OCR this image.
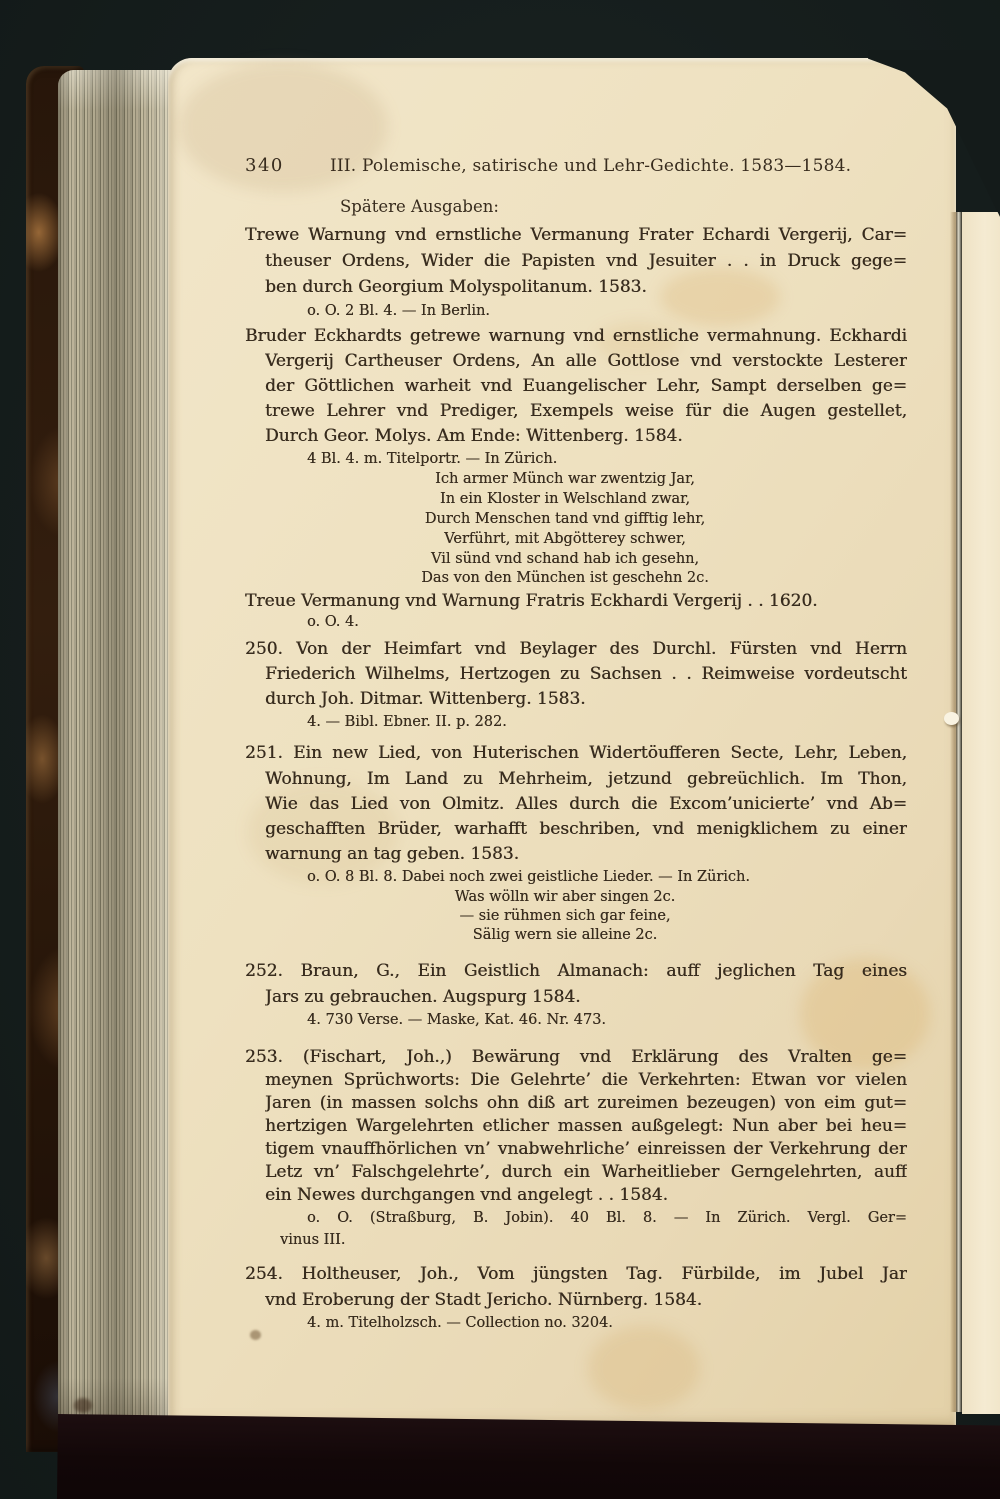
340	III. Polemische, satirische und Lehr-Gedichte. 1583—1584.
Spätere Ausgaben:
Trewe Warnung vnd ernstliche Vermanung Frater Echardi Vergerij, Car=
theuser Ordens, Wider die Papisten vnd Jesuiter . . in Druck gege=
ben durch Georgium Molyspolitanum. 1583.
o. O. 2 Bl. 4. — In Berlin.
Bruder Eckhardts getrewe warnung vnd ernstliche vermahnung. Eckhardi
Vergerij Cartheuser Ordens, An alle Gottlose vnd verstockte Lesterer
der Göttlichen warheit vnd Euangelischer Lehr, Sampt derselben ge=
trewe Lehrer vnd Prediger, Exempels weise für die Augen gestellet,
Durch Geor. Molys. Am Ende: Wittenberg. 1584.
4 Bl. 4. m. Titelportr. — In Zürich.
Ich armer Münch war zwentzig Jar,
In ein Kloster in Welschland zwar,
Durch Menschen tand vnd gifftig lehr,
Verführt, mit Abgötterey schwer,
Vil sünd vnd schand hab ich gesehn,
Das von den München ist geschehn 2c.
Treue Vermanung vnd Warnung Fratris Eckhardi Vergerij . . 1620.
o. O. 4.
250. Von der Heimfart vnd Beylager des Durchl. Fürsten vnd Herrn
Friederich Wilhelms, Hertzogen zu Sachsen . . Reimweise vordeutscht
durch Joh. Ditmar. Wittenberg. 1583.
4. — Bibl. Ebner. II. p. 282.
251. Ein new Lied, von Huterischen Widertöufferen Secte, Lehr, Leben,
Wohnung, Im Land zu Mehrheim, jetzund gebreüchlich. Im Thon,
Wie das Lied von Olmitz. Alles durch die Excom’unicierte’ vnd Ab=
geschafften Brüder, warhafft beschriben, vnd menigklichem zu einer
warnung an tag geben. 1583.
o. O. 8 Bl. 8. Dabei noch zwei geistliche Lieder. — In Zürich.
Was wölln wir aber singen 2c.
— sie rühmen sich gar feine,
Sälig wern sie alleine 2c.
252. Braun, G., Ein Geistlich Almanach: auff jeglichen Tag eines
Jars zu gebrauchen. Augspurg 1584.
4. 730 Verse. — Maske, Kat. 46. Nr. 473.
253. (Fischart, Joh.,) Bewärung vnd Erklärung des Vralten ge=
meynen Sprüchworts: Die Gelehrte’ die Verkehrten: Etwan vor vielen
Jaren (in massen solchs ohn diß art zureimen bezeugen) von eim gut=
hertzigen Wargelehrten etlicher massen außgelegt: Nun aber bei heu=
tigem vnauffhörlichen vn’ vnabwehrliche’ einreissen der Verkehrung der
Letz vn’ Falschgelehrte’, durch ein Warheitlieber Gerngelehrten, auff
ein Newes durchgangen vnd angelegt . . 1584.
o. O. (Straßburg, B. Jobin). 40 Bl. 8. — In Zürich. Vergl. Ger=
vinus III.
254. Holtheuser, Joh., Vom jüngsten Tag. Fürbilde, im Jubel Jar
vnd Eroberung der Stadt Jericho. Nürnberg. 1584.
4. m. Titelholzsch. — Collection no. 3204.
